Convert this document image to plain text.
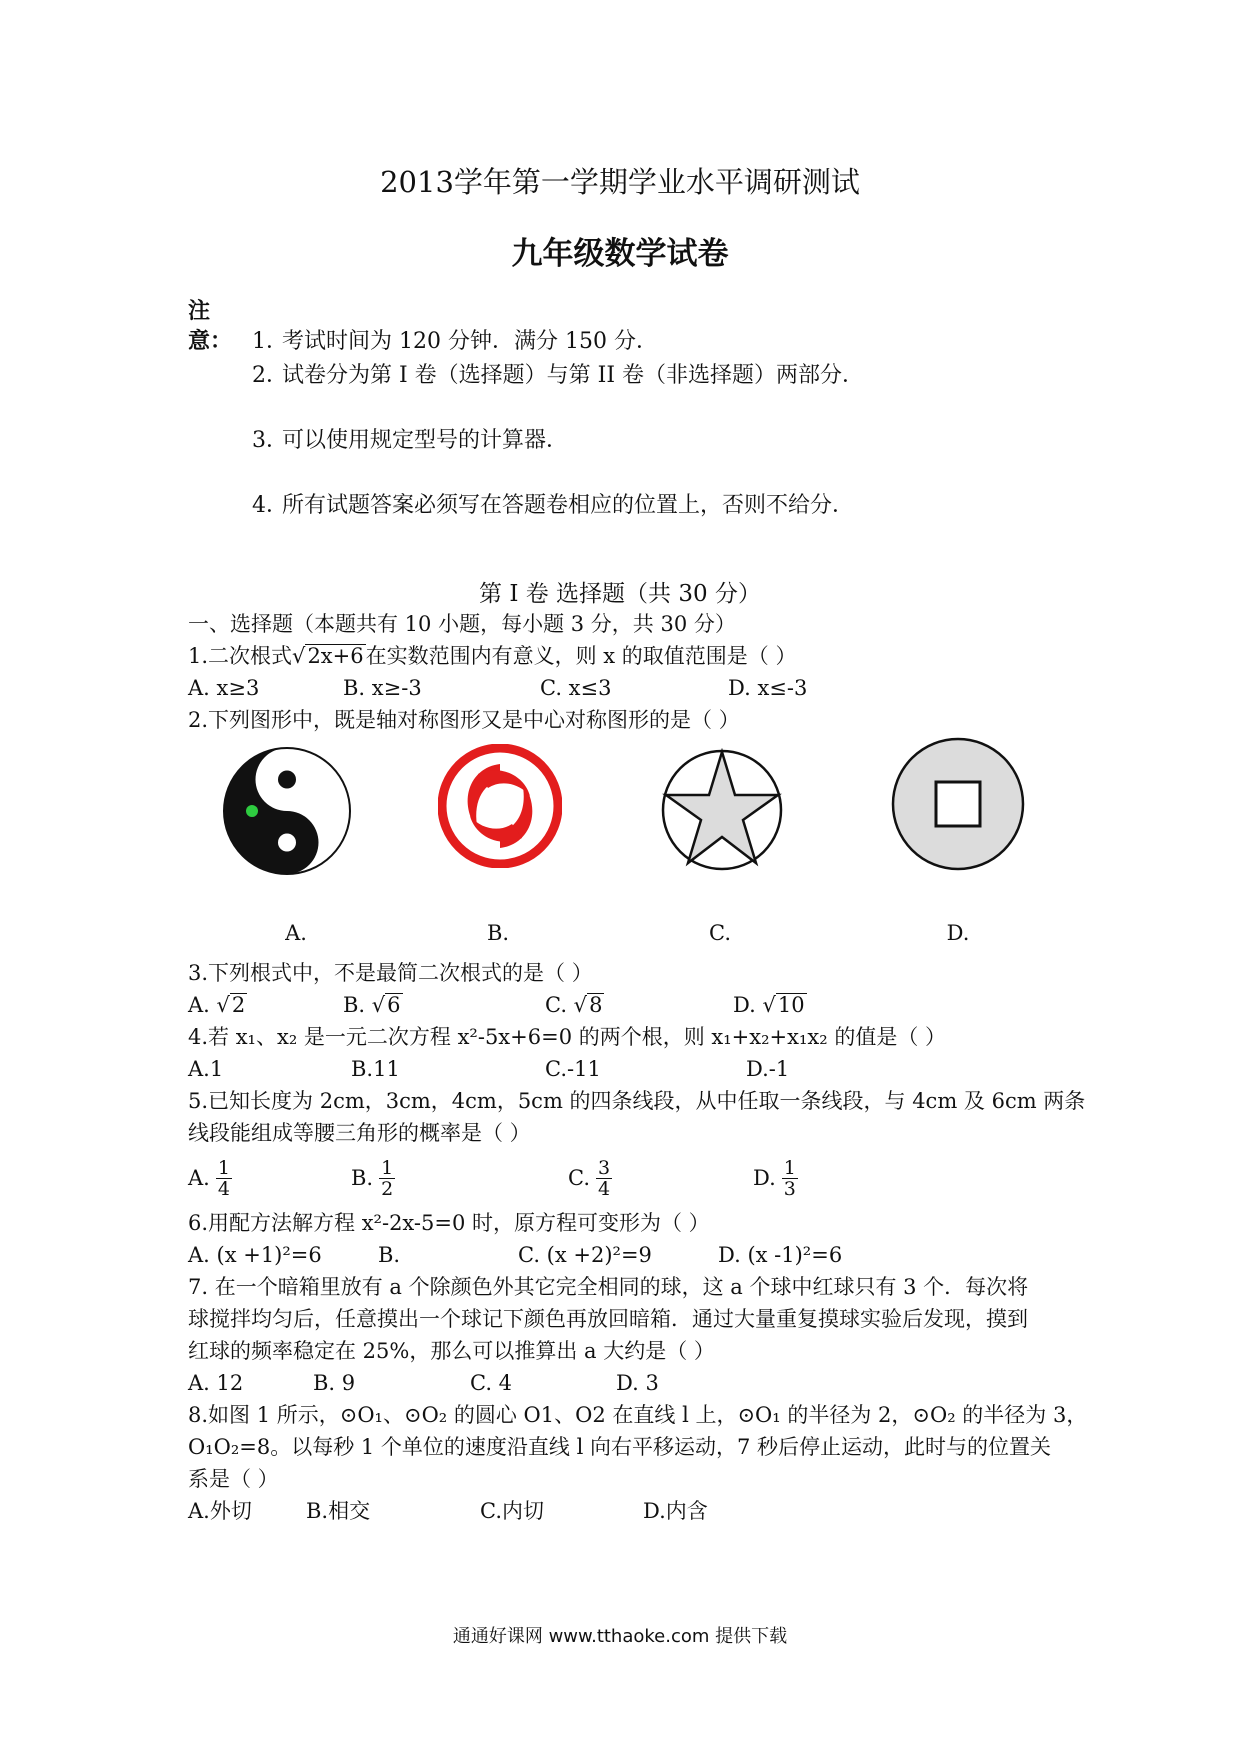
2013学年第一学期学业水平调研测试
九年级数学试卷
注意： 1．考试时间为 120 分钟．满分 150 分．
2．试卷分为第 I 卷（选择题）与第 II 卷（非选择题）两部分．
3．可以使用规定型号的计算器．
4．所有试题答案必须写在答题卷相应的位置上，否则不给分．
第 I 卷 选择题（共 30 分）
一、选择题（本题共有 10 小题，每小题 3 分，共 30 分）
1.二次根式√2x+6在实数范围内有意义，则 x 的取值范围是（ ）
A. x≥3	B. x≥-3	C. x≤3	D. x≤-3
2.下列图形中，既是轴对称图形又是中心对称图形的是（ ）
A.	B.	C.	D.
3.下列根式中，不是最简二次根式的是（ ）
A. √2	B. √6	C. √8	D. √10
4.若 x₁、x₂ 是一元二次方程 x²-5x+6=0 的两个根，则 x₁+x₂+x₁x₂ 的值是（ ）
A.1	B.11	C.-11	D.-1
5.已知长度为 2cm，3cm，4cm，5cm 的四条线段，从中任取一条线段，与 4cm 及 6cm 两条
线段能组成等腰三角形的概率是（ ）
A. $\frac{1}{4}$	B. $\frac{1}{2}$	C. $\frac{3}{4}$	D. $\frac{1}{3}$
6.用配方法解方程 x²-2x-5=0 时，原方程可变形为（ ）
A. (x +1)²=6	B.	C. (x +2)²=9	D. (x -1)²=6
7. 在一个暗箱里放有 a 个除颜色外其它完全相同的球，这 a 个球中红球只有 3 个．每次将
球搅拌均匀后，任意摸出一个球记下颜色再放回暗箱．通过大量重复摸球实验后发现，摸到
红球的频率稳定在 25%，那么可以推算出 a 大约是（ ）
A. 12	B. 9	C. 4	D. 3
8.如图 1 所示，⊙O₁、⊙O₂ 的圆心 O1、O2 在直线 l 上，⊙O₁ 的半径为 2，⊙O₂ 的半径为 3，
O₁O₂=8。以每秒 1 个单位的速度沿直线 l 向右平移运动，7 秒后停止运动，此时与的位置关
系是（ ）
A.外切	B.相交	C.内切	D.内含
通通好课网 www.tthaoke.com 提供下载
